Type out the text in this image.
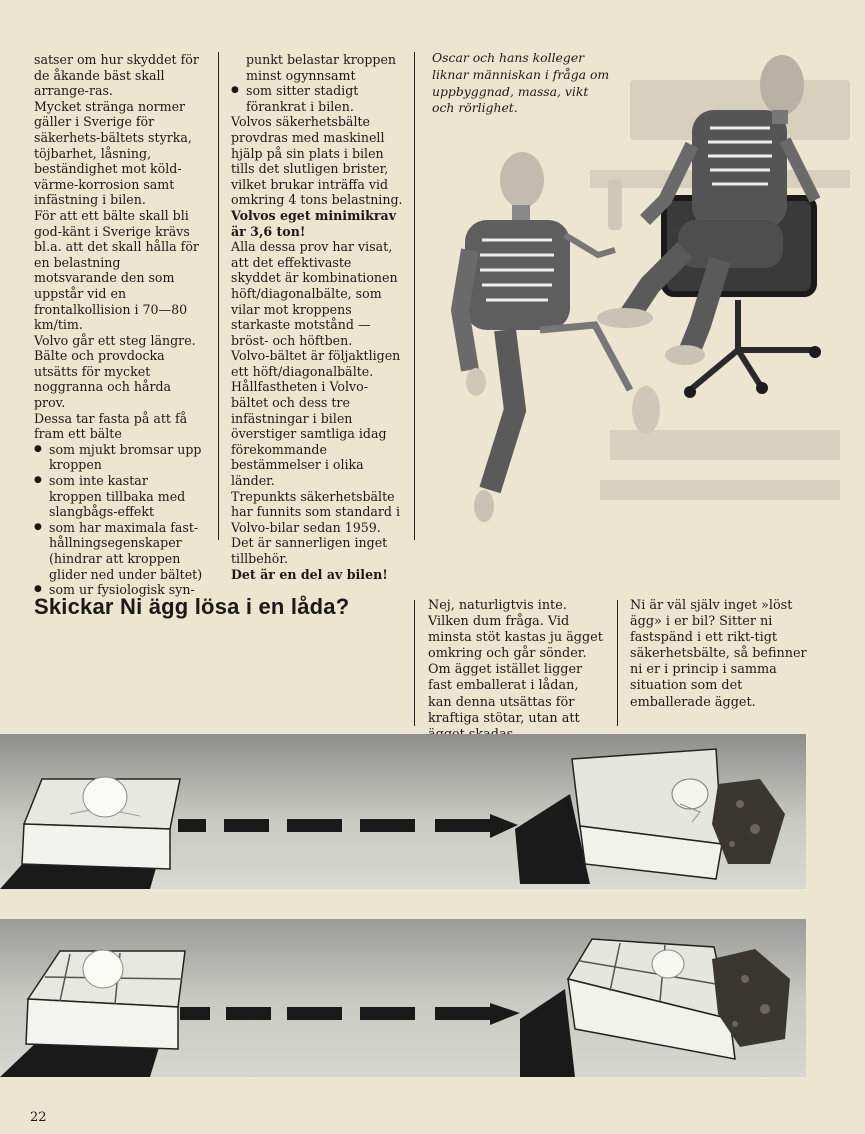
satser om hur skyddet för de åkande bäst skall arrange-ras.

Mycket stränga normer gäller i Sverige för säkerhets-bältets styrka, töjbarhet, låsning, beständighet mot köld-värme-korrosion samt infästning i bilen.

För att ett bälte skall bli god-känt i Sverige krävs bl.a. att det skall hålla för en belastning motsvarande den som uppstår vid en frontalkollision i 70—80 km/tim.

Volvo går ett steg längre.

Bälte och provdocka utsätts för mycket noggranna och hårda prov.

Dessa tar fasta på att få fram ett bälte

● som mjukt bromsar upp kroppen

● som inte kastar kroppen tillbaka med slangbågs-effekt

● som har maximala fast-hållningsegenskaper (hindrar att kroppen glider ned under bältet)

● som ur fysiologisk syn-

punkt belastar kroppen minst ogynnsamt

● som sitter stadigt förankrat i bilen.

Volvos säkerhetsbälte provdras med maskinell hjälp på sin plats i bilen tills det slutligen brister, vilket brukar inträffa vid omkring 4 tons belastning.

Volvos eget minimikrav är 3,6 ton!

Alla dessa prov har visat, att det effektivaste skyddet är kombinationen höft/diagonalbälte, som vilar mot kroppens starkaste motstånd — bröst- och höftben.

Volvo-bältet är följaktligen ett höft/diagonalbälte.

Hållfastheten i Volvo-bältet och dess tre infästningar i bilen överstiger samtliga idag förekommande bestämmelser i olika länder.

Trepunkts säkerhetsbälte har funnits som standard i Volvo-bilar sedan 1959.

Det är sannerligen inget tillbehör.

Det är en del av bilen!

Oscar och hans kolleger liknar människan i fråga om uppbyggnad, massa, vikt och rörlighet.
22
Skickar Ni ägg lösa i en låda?	Nej, naturligtvis inte. Vilken dum fråga. Vid minsta stöt kastas ju ägget omkring och går sönder. Om ägget istället ligger fast emballerat i lådan, kan denna utsättas för kraftiga stötar, utan att
Ni är väl själv inget »löst ägg» i er bil? Sitter ni fastspänd i ett rikt-tigt säkerhetsbälte, så befinner ni er i princip i samma situation som det emballerade ägget.
